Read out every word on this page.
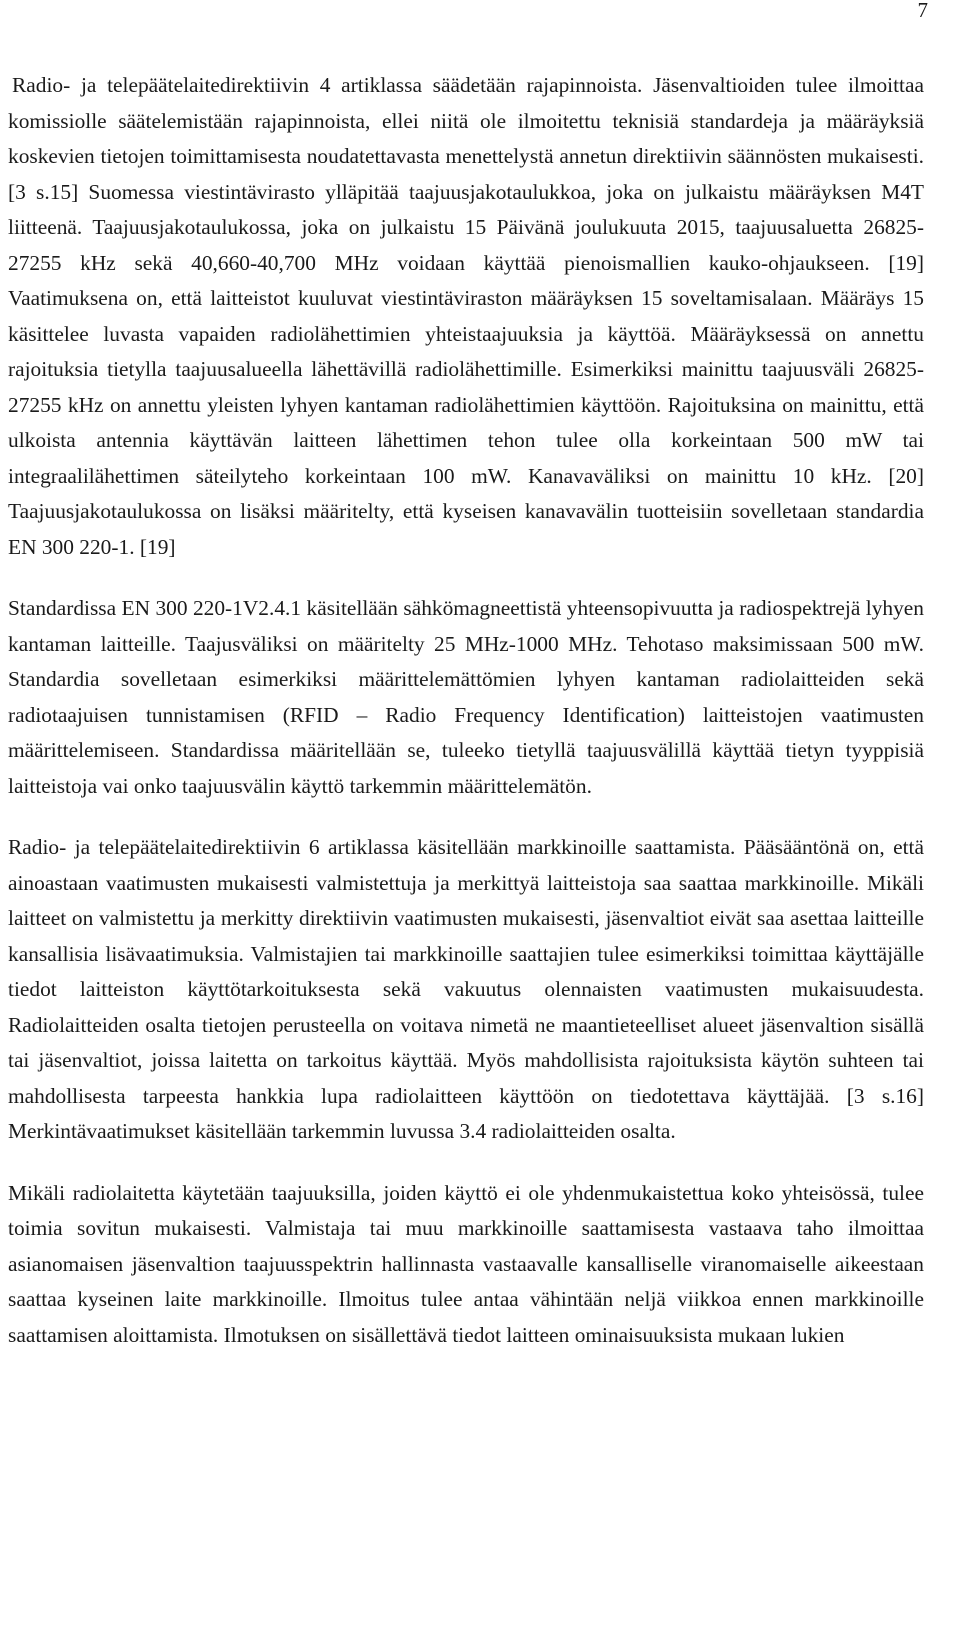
7

Radio- ja telepäätelaitedirektiivin 4 artiklassa säädetään rajapinnoista. Jäsenvaltioiden tulee ilmoittaa komissiolle säätelemistään rajapinnoista, ellei niitä ole ilmoitettu teknisiä standardeja ja määräyksiä koskevien tietojen toimittamisesta noudatettavasta menettelystä annetun direktiivin säännösten mukaisesti. [3 s.15] Suomessa viestintävirasto ylläpitää taajuusjakotaulukkoa, joka on julkaistu määräyksen M4T liitteenä. Taajuusjakotaulukossa, joka on julkaistu 15 Päivänä joulukuuta 2015, taajuusaluetta 26825-27255 kHz sekä 40,660-40,700 MHz voidaan käyttää pienoismallien kauko-ohjaukseen. [19] Vaatimuksena on, että laitteistot kuuluvat viestintäviraston määräyksen 15 soveltamisalaan. Määräys 15 käsittelee luvasta vapaiden radiolähettimien yhteistaajuuksia ja käyttöä. Määräyksessä on annettu rajoituksia tietylla taajuusalueella lähettävillä radiolähettimille. Esimerkiksi mainittu taajuusväli 26825-27255 kHz on annettu yleisten lyhyen kantaman radiolähettimien käyttöön. Rajoituksina on mainittu, että ulkoista antennia käyttävän laitteen lähettimen tehon tulee olla korkeintaan 500 mW tai integraalilähettimen säteilyteho korkeintaan 100 mW. Kanavaväliksi on mainittu 10 kHz. [20] Taajuusjakotaulukossa on lisäksi määritelty, että kyseisen kanavavälin tuotteisiin sovelletaan standardia EN 300 220-1. [19]

Standardissa EN 300 220-1V2.4.1 käsitellään sähkömagneettistä yhteensopivuutta ja radiospektrejä lyhyen kantaman laitteille. Taajusväliksi on määritelty 25 MHz-1000 MHz. Tehotaso maksimissaan 500 mW. Standardia sovelletaan esimerkiksi määrittelemättömien lyhyen kantaman radiolaitteiden sekä radiotaajuisen tunnistamisen (RFID – Radio Frequency Identification) laitteistojen vaatimusten määrittelemiseen. Standardissa määritellään se, tuleeko tietyllä taajuusvälillä käyttää tietyn tyyppisiä laitteistoja vai onko taajuusvälin käyttö tarkemmin määrittelemätön.

Radio- ja telepäätelaitedirektiivin 6 artiklassa käsitellään markkinoille saattamista. Pääsääntönä on, että ainoastaan vaatimusten mukaisesti valmistettuja ja merkittyä laitteistoja saa saattaa markkinoille. Mikäli laitteet on valmistettu ja merkitty direktiivin vaatimusten mukaisesti, jäsenvaltiot eivät saa asettaa laitteille kansallisia lisävaatimuksia. Valmistajien tai markkinoille saattajien tulee esimerkiksi toimittaa käyttäjälle tiedot laitteiston käyttötarkoituksesta sekä vakuutus olennaisten vaatimusten mukaisuudesta. Radiolaitteiden osalta tietojen perusteella on voitava nimetä ne maantieteelliset alueet jäsenvaltion sisällä tai jäsenvaltiot, joissa laitetta on tarkoitus käyttää. Myös mahdollisista rajoituksista käytön suhteen tai mahdollisesta tarpeesta hankkia lupa radiolaitteen käyttöön on tiedotettava käyttäjää. [3 s.16] Merkintävaatimukset käsitellään tarkemmin luvussa 3.4 radiolaitteiden osalta.

Mikäli radiolaitetta käytetään taajuuksilla, joiden käyttö ei ole yhdenmukaistettua koko yhteisössä, tulee toimia sovitun mukaisesti. Valmistaja tai muu markkinoille saattamisesta vastaava taho ilmoittaa asianomaisen jäsenvaltion taajuusspektrin hallinnasta vastaavalle kansalliselle viranomaiselle aikeestaan saattaa kyseinen laite markkinoille. Ilmoitus tulee antaa vähintään neljä viikkoa ennen markkinoille saattamisen aloittamista. Ilmotuksen on sisällettävä tiedot laitteen ominaisuuksista mukaan lukien
